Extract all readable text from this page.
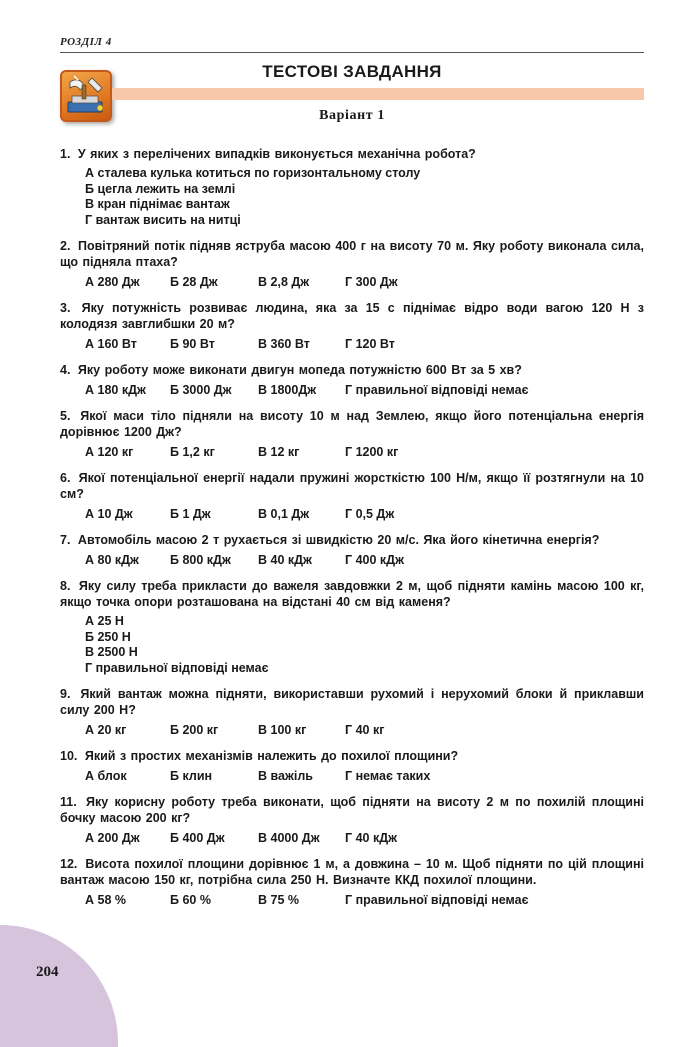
РОЗДІЛ 4
ТЕСТОВІ ЗАВДАННЯ
Варіант 1
1. У яких з перелічених випадків виконується механічна робота?
А сталева кулька котиться по горизонтальному столу
Б цегла лежить на землі
В кран піднімає вантаж
Г вантаж висить на нитці
2. Повітряний потік підняв яструба масою 400 г на висоту 70 м. Яку роботу виконала сила, що підняла птаха?
А 280 Дж	Б 28 Дж	В 2,8 Дж	Г 300 Дж
3. Яку потужність розвиває людина, яка за 15 с піднімає відро води вагою 120 Н з колодязя завглибшки 20 м?
А 160 Вт	Б 90 Вт	В 360 Вт	Г 120 Вт
4. Яку роботу може виконати двигун мопеда потужністю 600 Вт за 5 хв?
А 180 кДж	Б 3000 Дж	В 1800Дж	Г правильної відповіді немає
5. Якої маси тіло підняли на висоту 10 м над Землею, якщо його потенціальна енергія дорівнює 1200 Дж?
А 120 кг	Б 1,2 кг	В 12 кг	Г 1200 кг
6. Якої потенціальної енергії надали пружині жорсткістю 100 Н/м, якщо її розтягнули на 10 см?
А 10 Дж	Б 1 Дж	В 0,1 Дж	Г 0,5 Дж
7. Автомобіль масою 2 т рухається зі швидкістю 20 м/с. Яка його кінетична енергія?
А 80 кДж	Б 800 кДж	В 40 кДж	Г 400 кДж
8. Яку силу треба прикласти до важеля завдовжки 2 м, щоб підняти камінь масою 100 кг, якщо точка опори розташована на відстані 40 см від каменя?
А 25 Н
Б 250 Н
В 2500 Н
Г правильної відповіді немає
9. Який вантаж можна підняти, використавши рухомий і нерухомий блоки й приклавши силу 200 Н?
А 20 кг	Б 200 кг	В 100 кг	Г 40 кг
10. Який з простих механізмів належить до похилої площини?
А блок	Б клин	В важіль	Г немає таких
11. Яку корисну роботу треба виконати, щоб підняти на висоту 2 м по похилій площині бочку масою 200 кг?
А 200 Дж	Б 400 Дж	В 4000 Дж	Г 40 кДж
12. Висота похилої площини дорівнює 1 м, а довжина – 10 м. Щоб підняти по цій площині вантаж масою 150 кг, потрібна сила 250 Н. Визначте ККД похилої площини.
А 58 %	Б 60 %	В 75 %	Г правильної відповіді немає
204
